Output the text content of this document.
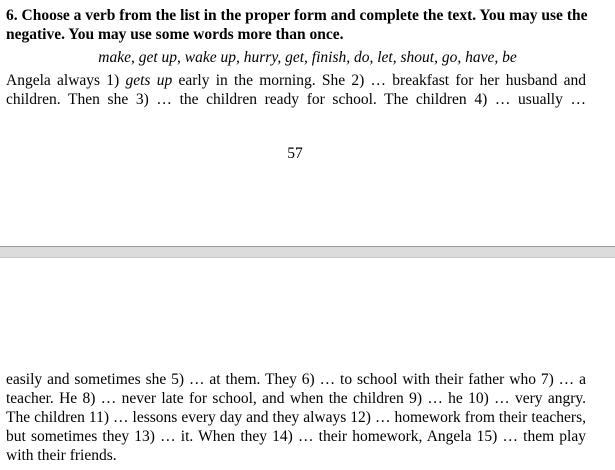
6. Choose a verb from the list in the proper form and complete the text. You may use the negative. You may use some words more than once.
make, get up, wake up, hurry, get, finish, do, let, shout, go, have, be
Angela always 1) gets up early in the morning. She 2) … breakfast for her husband and children. Then she 3) … the children ready for school. The children 4) … usually …
57
easily and sometimes she 5) … at them. They 6) … to school with their father who 7) … a teacher. He 8) … never late for school, and when the children 9) … he 10) … very angry. The children 11) … lessons every day and they always 12) … homework from their teachers, but sometimes they 13) … it. When they 14) … their homework, Angela 15) … them play with their friends.
